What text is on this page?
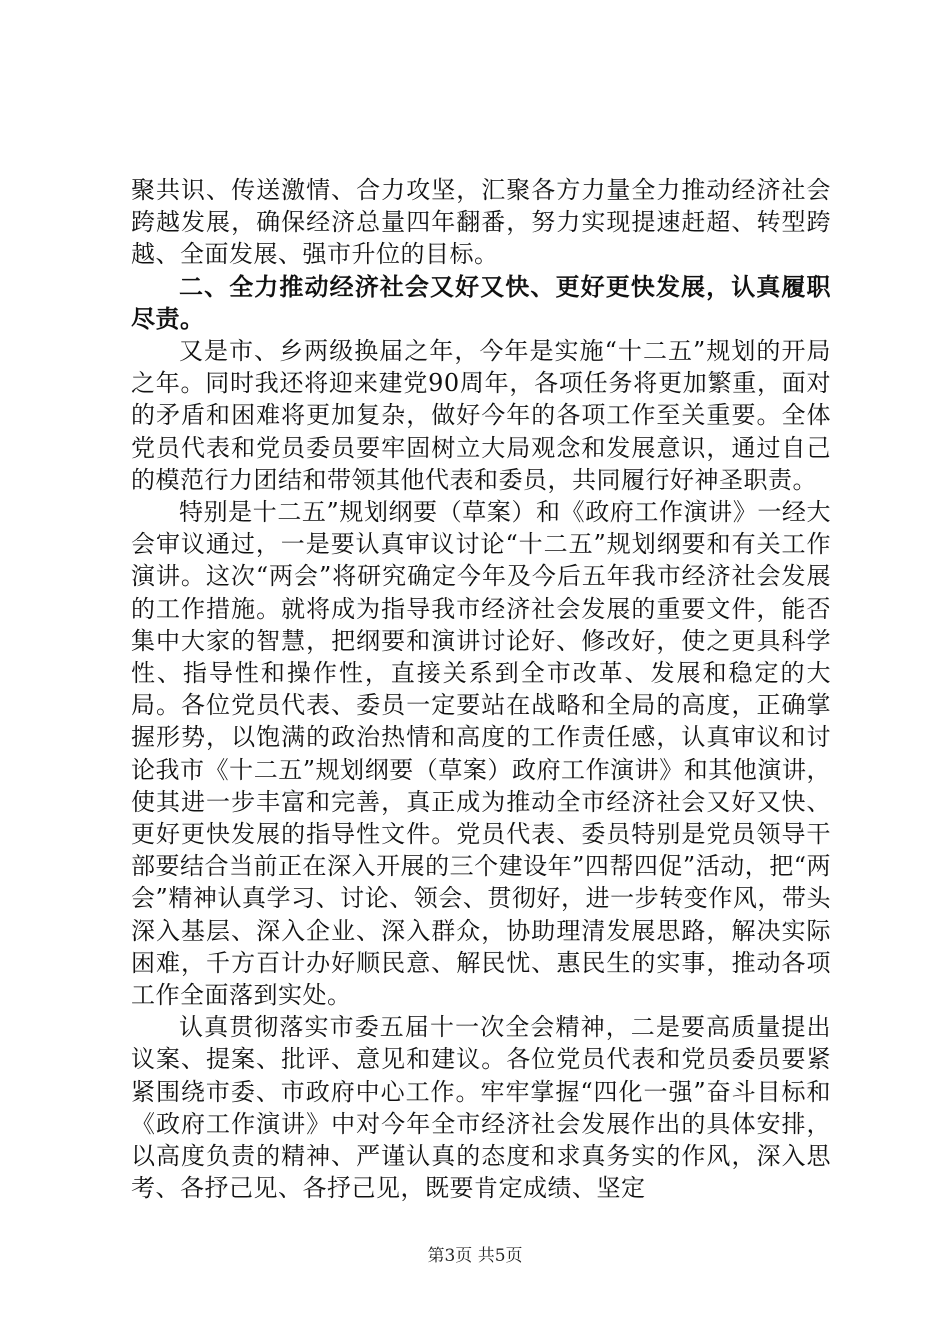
聚共识、传送激情、合力攻坚，汇聚各方力量全力推动经济社会跨越发展，确保经济总量四年翻番，努力实现提速赶超、转型跨越、全面发展、强市升位的目标。

二、全力推动经济社会又好又快、更好更快发展，认真履职尽责。

又是市、乡两级换届之年，今年是实施“十二五”规划的开局之年。同时我还将迎来建党90周年，各项任务将更加繁重，面对的矛盾和困难将更加复杂，做好今年的各项工作至关重要。全体党员代表和党员委员要牢固树立大局观念和发展意识，通过自己的模范行力团结和带领其他代表和委员，共同履行好神圣职责。

特别是十二五”规划纲要（草案）和《政府工作演讲》一经大会审议通过，一是要认真审议讨论“十二五”规划纲要和有关工作演讲。这次“两会”将研究确定今年及今后五年我市经济社会发展的工作措施。就将成为指导我市经济社会发展的重要文件，能否集中大家的智慧，把纲要和演讲讨论好、修改好，使之更具科学性、指导性和操作性，直接关系到全市改革、发展和稳定的大局。各位党员代表、委员一定要站在战略和全局的高度，正确掌握形势，以饱满的政治热情和高度的工作责任感，认真审议和讨论我市《十二五”规划纲要（草案）政府工作演讲》和其他演讲，使其进一步丰富和完善，真正成为推动全市经济社会又好又快、更好更快发展的指导性文件。党员代表、委员特别是党员领导干部要结合当前正在深入开展的三个建设年”四帮四促”活动，把“两会”精神认真学习、讨论、领会、贯彻好，进一步转变作风，带头深入基层、深入企业、深入群众，协助理清发展思路，解决实际困难，千方百计办好顺民意、解民忧、惠民生的实事，推动各项工作全面落到实处。

认真贯彻落实市委五届十一次全会精神，二是要高质量提出议案、提案、批评、意见和建议。各位党员代表和党员委员要紧紧围绕市委、市政府中心工作。牢牢掌握“四化一强”奋斗目标和《政府工作演讲》中对今年全市经济社会发展作出的具体安排，以高度负责的精神、严谨认真的态度和求真务实的作风，深入思考、各抒己见、各抒己见，既要肯定成绩、坚定

第3页 共5页
